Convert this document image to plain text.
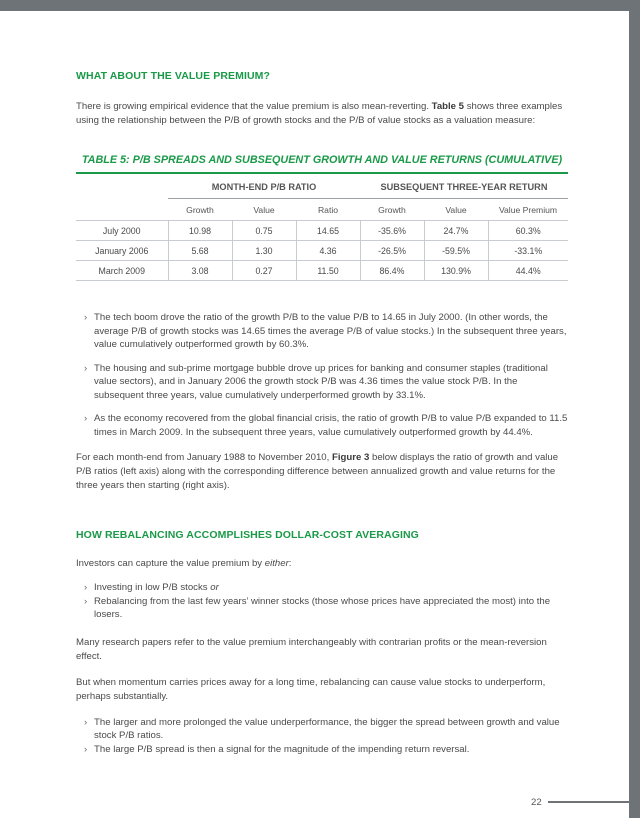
WHAT ABOUT THE VALUE PREMIUM?

There is growing empirical evidence that the value premium is also mean-reverting. Table 5 shows three examples using the relationship between the P/B of growth stocks and the P/B of value stocks as a valuation measure:

TABLE 5: P/B SPREADS AND SUBSEQUENT GROWTH AND VALUE RETURNS (CUMULATIVE)

	MONTH-END P/B RATIO			SUBSEQUENT THREE-YEAR RETURN		
	Growth	Value	Ratio	Growth	Value	Value Premium
July 2000	10.98	0.75	14.65	-35.6%	24.7%	60.3%
January 2006	5.68	1.30	4.36	-26.5%	-59.5%	-33.1%
March 2009	3.08	0.27	11.50	86.4%	130.9%	44.4%
› The tech boom drove the ratio of the growth P/B to the value P/B to 14.65 in July 2000. (In other words, the average P/B of growth stocks was 14.65 times the average P/B of value stocks.) In the subsequent three years, value cumulatively outperformed growth by 60.3%.
› The housing and sub-prime mortgage bubble drove up prices for banking and consumer staples (traditional value sectors), and in January 2006 the growth stock P/B was 4.36 times the value stock P/B. In the subsequent three years, value cumulatively underperformed growth by 33.1%.
› As the economy recovered from the global financial crisis, the ratio of growth P/B to value P/B expanded to 11.5 times in March 2009. In the subsequent three years, value cumulatively outperformed growth by 44.4%.

For each month-end from January 1988 to November 2010, Figure 3 below displays the ratio of growth and value P/B ratios (left axis) along with the corresponding difference between annualized growth and value returns for the three years then starting (right axis).

HOW REBALANCING ACCOMPLISHES DOLLAR-COST AVERAGING

Investors can capture the value premium by either:

› Investing in low P/B stocks or
› Rebalancing from the last few years’ winner stocks (those whose prices have appreciated the most) into the losers.

Many research papers refer to the value premium interchangeably with contrarian profits or the mean-reversion effect.

But when momentum carries prices away for a long time, rebalancing can cause value stocks to underperform, perhaps substantially.

› The larger and more prolonged the value underperformance, the bigger the spread between growth and value stock P/B ratios.
› The large P/B spread is then a signal for the magnitude of the impending return reversal.
22
